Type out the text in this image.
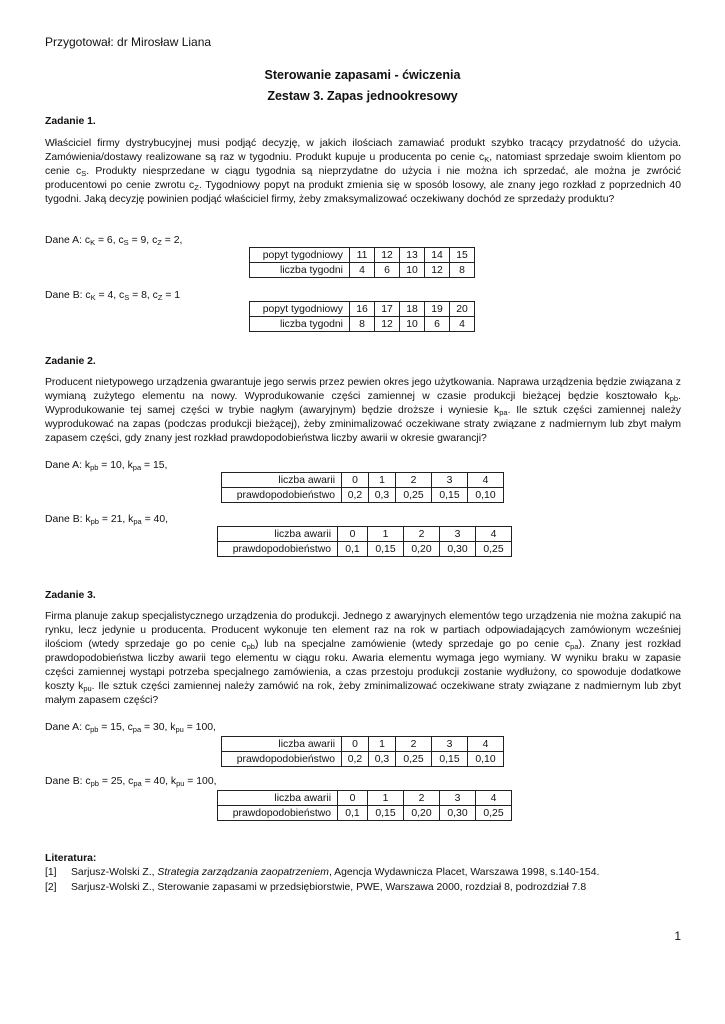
Przygotował: dr Mirosław Liana
Sterowanie zapasami - ćwiczenia
Zestaw 3. Zapas jednookresowy
Zadanie 1.
Właściciel firmy dystrybucyjnej musi podjąć decyzję, w jakich ilościach zamawiać produkt szybko tracący przydatność do użycia. Zamówienia/dostawy realizowane są raz w tygodniu. Produkt kupuje u producenta po cenie $c_K$, natomiast sprzedaje swoim klientom po cenie $c_S$. Produkty niesprzedane w ciągu tygodnia są nieprzydatne do użycia i nie można ich sprzedać, ale można je zwrócić producentowi po cenie zwrotu $c_Z$. Tygodniowy popyt na produkt zmienia się w sposób losowy, ale znany jego rozkład z poprzednich 40 tygodni. Jaką decyzję powinien podjąć właściciel firmy, żeby zmaksymalizować oczekiwany dochód ze sprzedaży produktu?
Dane A: $c_K = 6$, $c_S = 9$, $c_Z = 2$,
popyt tygodniowy	11	12	13	14	15
liczba tygodni	4	6	10	12	8
Dane B: $c_K = 4$, $c_S = 8$, $c_Z = 1$
popyt tygodniowy	16	17	18	19	20
liczba tygodni	8	12	10	6	4
Zadanie 2.
Producent nietypowego urządzenia gwarantuje jego serwis przez pewien okres jego użytkowania. Naprawa urządzenia będzie związana z wymianą zużytego elementu na nowy. Wyprodukowanie części zamiennej w czasie produkcji bieżącej będzie kosztowało $k_{pb}$. Wyprodukowanie tej samej części w trybie nagłym (awaryjnym) będzie droższe i wyniesie $k_{pa}$. Ile sztuk części zamiennej należy wyprodukować na zapas (podczas produkcji bieżącej), żeby zminimalizować oczekiwane straty związane z nadmiernym lub zbyt małym zapasem części, gdy znany jest rozkład prawdopodobieństwa liczby awarii w okresie gwarancji?
Dane A: $k_{pb} = 10$, $k_{pa} = 15$,
liczba awarii	0	1	2	3	4
prawdopodobieństwo	0,2	0,3	0,25	0,15	0,10
Dane B: $k_{pb} = 21$, $k_{pa} = 40$,
liczba awarii	0	1	2	3	4
prawdopodobieństwo	0,1	0,15	0,20	0,30	0,25
Zadanie 3.
Firma planuje zakup specjalistycznego urządzenia do produkcji. Jednego z awaryjnych elementów tego urządzenia nie można zakupić na rynku, lecz jedynie u producenta. Producent wykonuje ten element raz na rok w partiach odpowiadających zamówionym wcześniej ilościom (wtedy sprzedaje go po cenie $c_{pb}$) lub na specjalne zamówienie (wtedy sprzedaje go po cenie $c_{pa}$). Znany jest rozkład prawdopodobieństwa liczby awarii tego elementu w ciągu roku. Awaria elementu wymaga jego wymiany. W wyniku braku w zapasie części zamiennej wystąpi potrzeba specjalnego zamówienia, a czas przestoju produkcji zostanie wydłużony, co spowoduje dodatkowe koszty $k_{pu}$. Ile sztuk części zamiennej należy zamówić na rok, żeby zminimalizować oczekiwane straty związane z nadmiernym lub zbyt małym zapasem części?
Dane A: $c_{pb} = 15$, $c_{pa} = 30$, $k_{pu} = 100$,
liczba awarii	0	1	2	3	4
prawdopodobieństwo	0,2	0,3	0,25	0,15	0,10
Dane B: $c_{pb} = 25$, $c_{pa} = 40$, $k_{pu} = 100$,
liczba awarii	0	1	2	3	4
prawdopodobieństwo	0,1	0,15	0,20	0,30	0,25
Literatura:
[1] Sarjusz-Wolski Z., Strategia zarządzania zaopatrzeniem, Agencja Wydawnicza Placet, Warszawa 1998, s.140-154.
[2] Sarjusz-Wolski Z., Sterowanie zapasami w przedsiębiorstwie, PWE, Warszawa 2000, rozdział 8, podrozdział 7.8
1
